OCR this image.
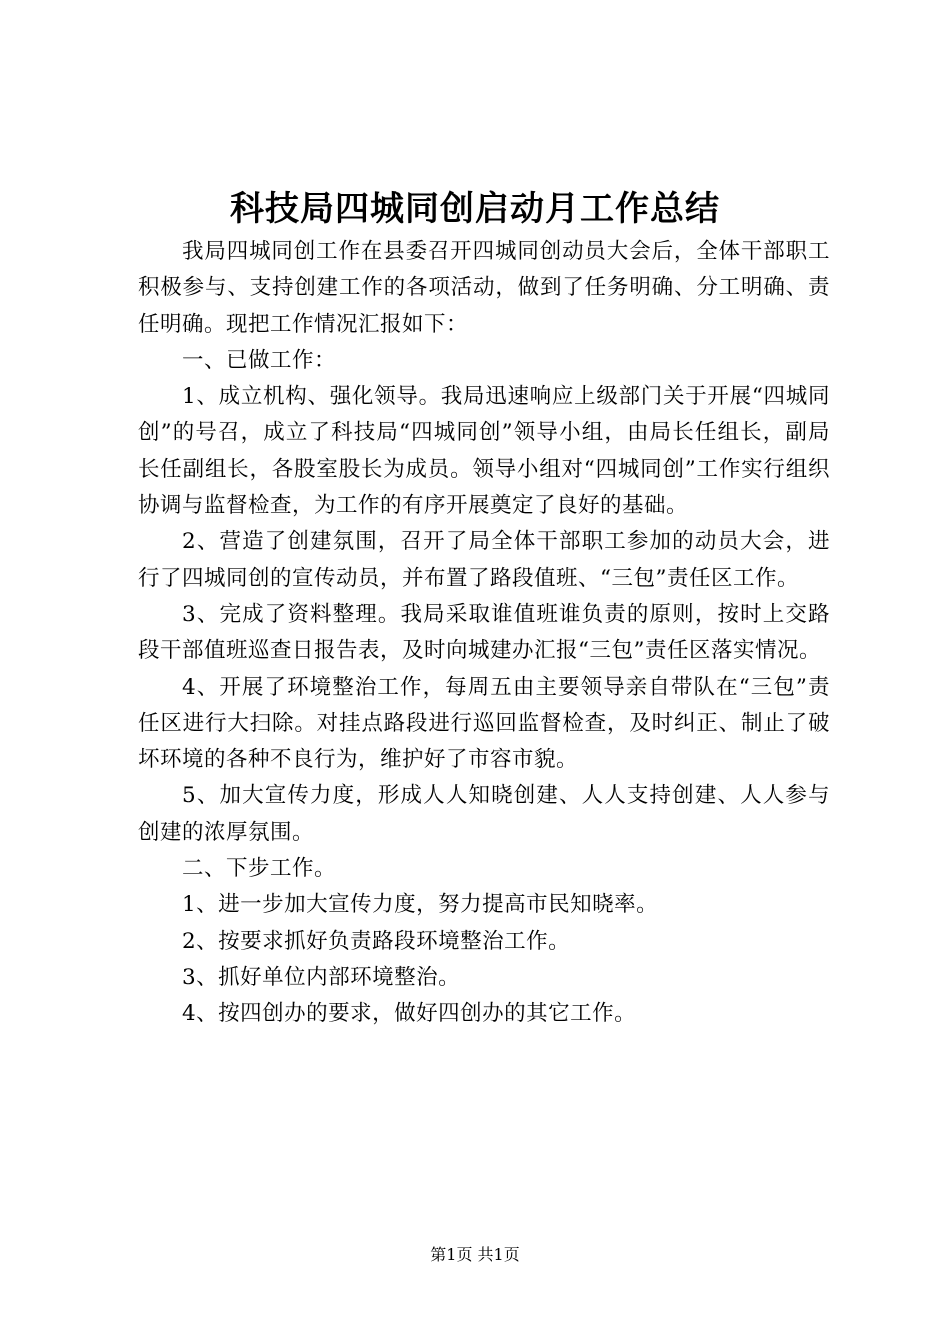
科技局四城同创启动月工作总结

我局四城同创工作在县委召开四城同创动员大会后，全体干部职工积极参与、支持创建工作的各项活动，做到了任务明确、分工明确、责任明确。现把工作情况汇报如下：

一、已做工作：

1、成立机构、强化领导。我局迅速响应上级部门关于开展“四城同创”的号召，成立了科技局“四城同创”领导小组，由局长任组长，副局长任副组长，各股室股长为成员。领导小组对“四城同创”工作实行组织协调与监督检查，为工作的有序开展奠定了良好的基础。

2、营造了创建氛围，召开了局全体干部职工参加的动员大会，进行了四城同创的宣传动员，并布置了路段值班、“三包”责任区工作。

3、完成了资料整理。我局采取谁值班谁负责的原则，按时上交路段干部值班巡查日报告表，及时向城建办汇报“三包”责任区落实情况。

4、开展了环境整治工作，每周五由主要领导亲自带队在“三包”责任区进行大扫除。对挂点路段进行巡回监督检查，及时纠正、制止了破坏环境的各种不良行为，维护好了市容市貌。

5、加大宣传力度，形成人人知晓创建、人人支持创建、人人参与创建的浓厚氛围。

二、下步工作。

1、进一步加大宣传力度，努力提高市民知晓率。

2、按要求抓好负责路段环境整治工作。

3、抓好单位内部环境整治。

4、按四创办的要求，做好四创办的其它工作。

第1页 共1页
